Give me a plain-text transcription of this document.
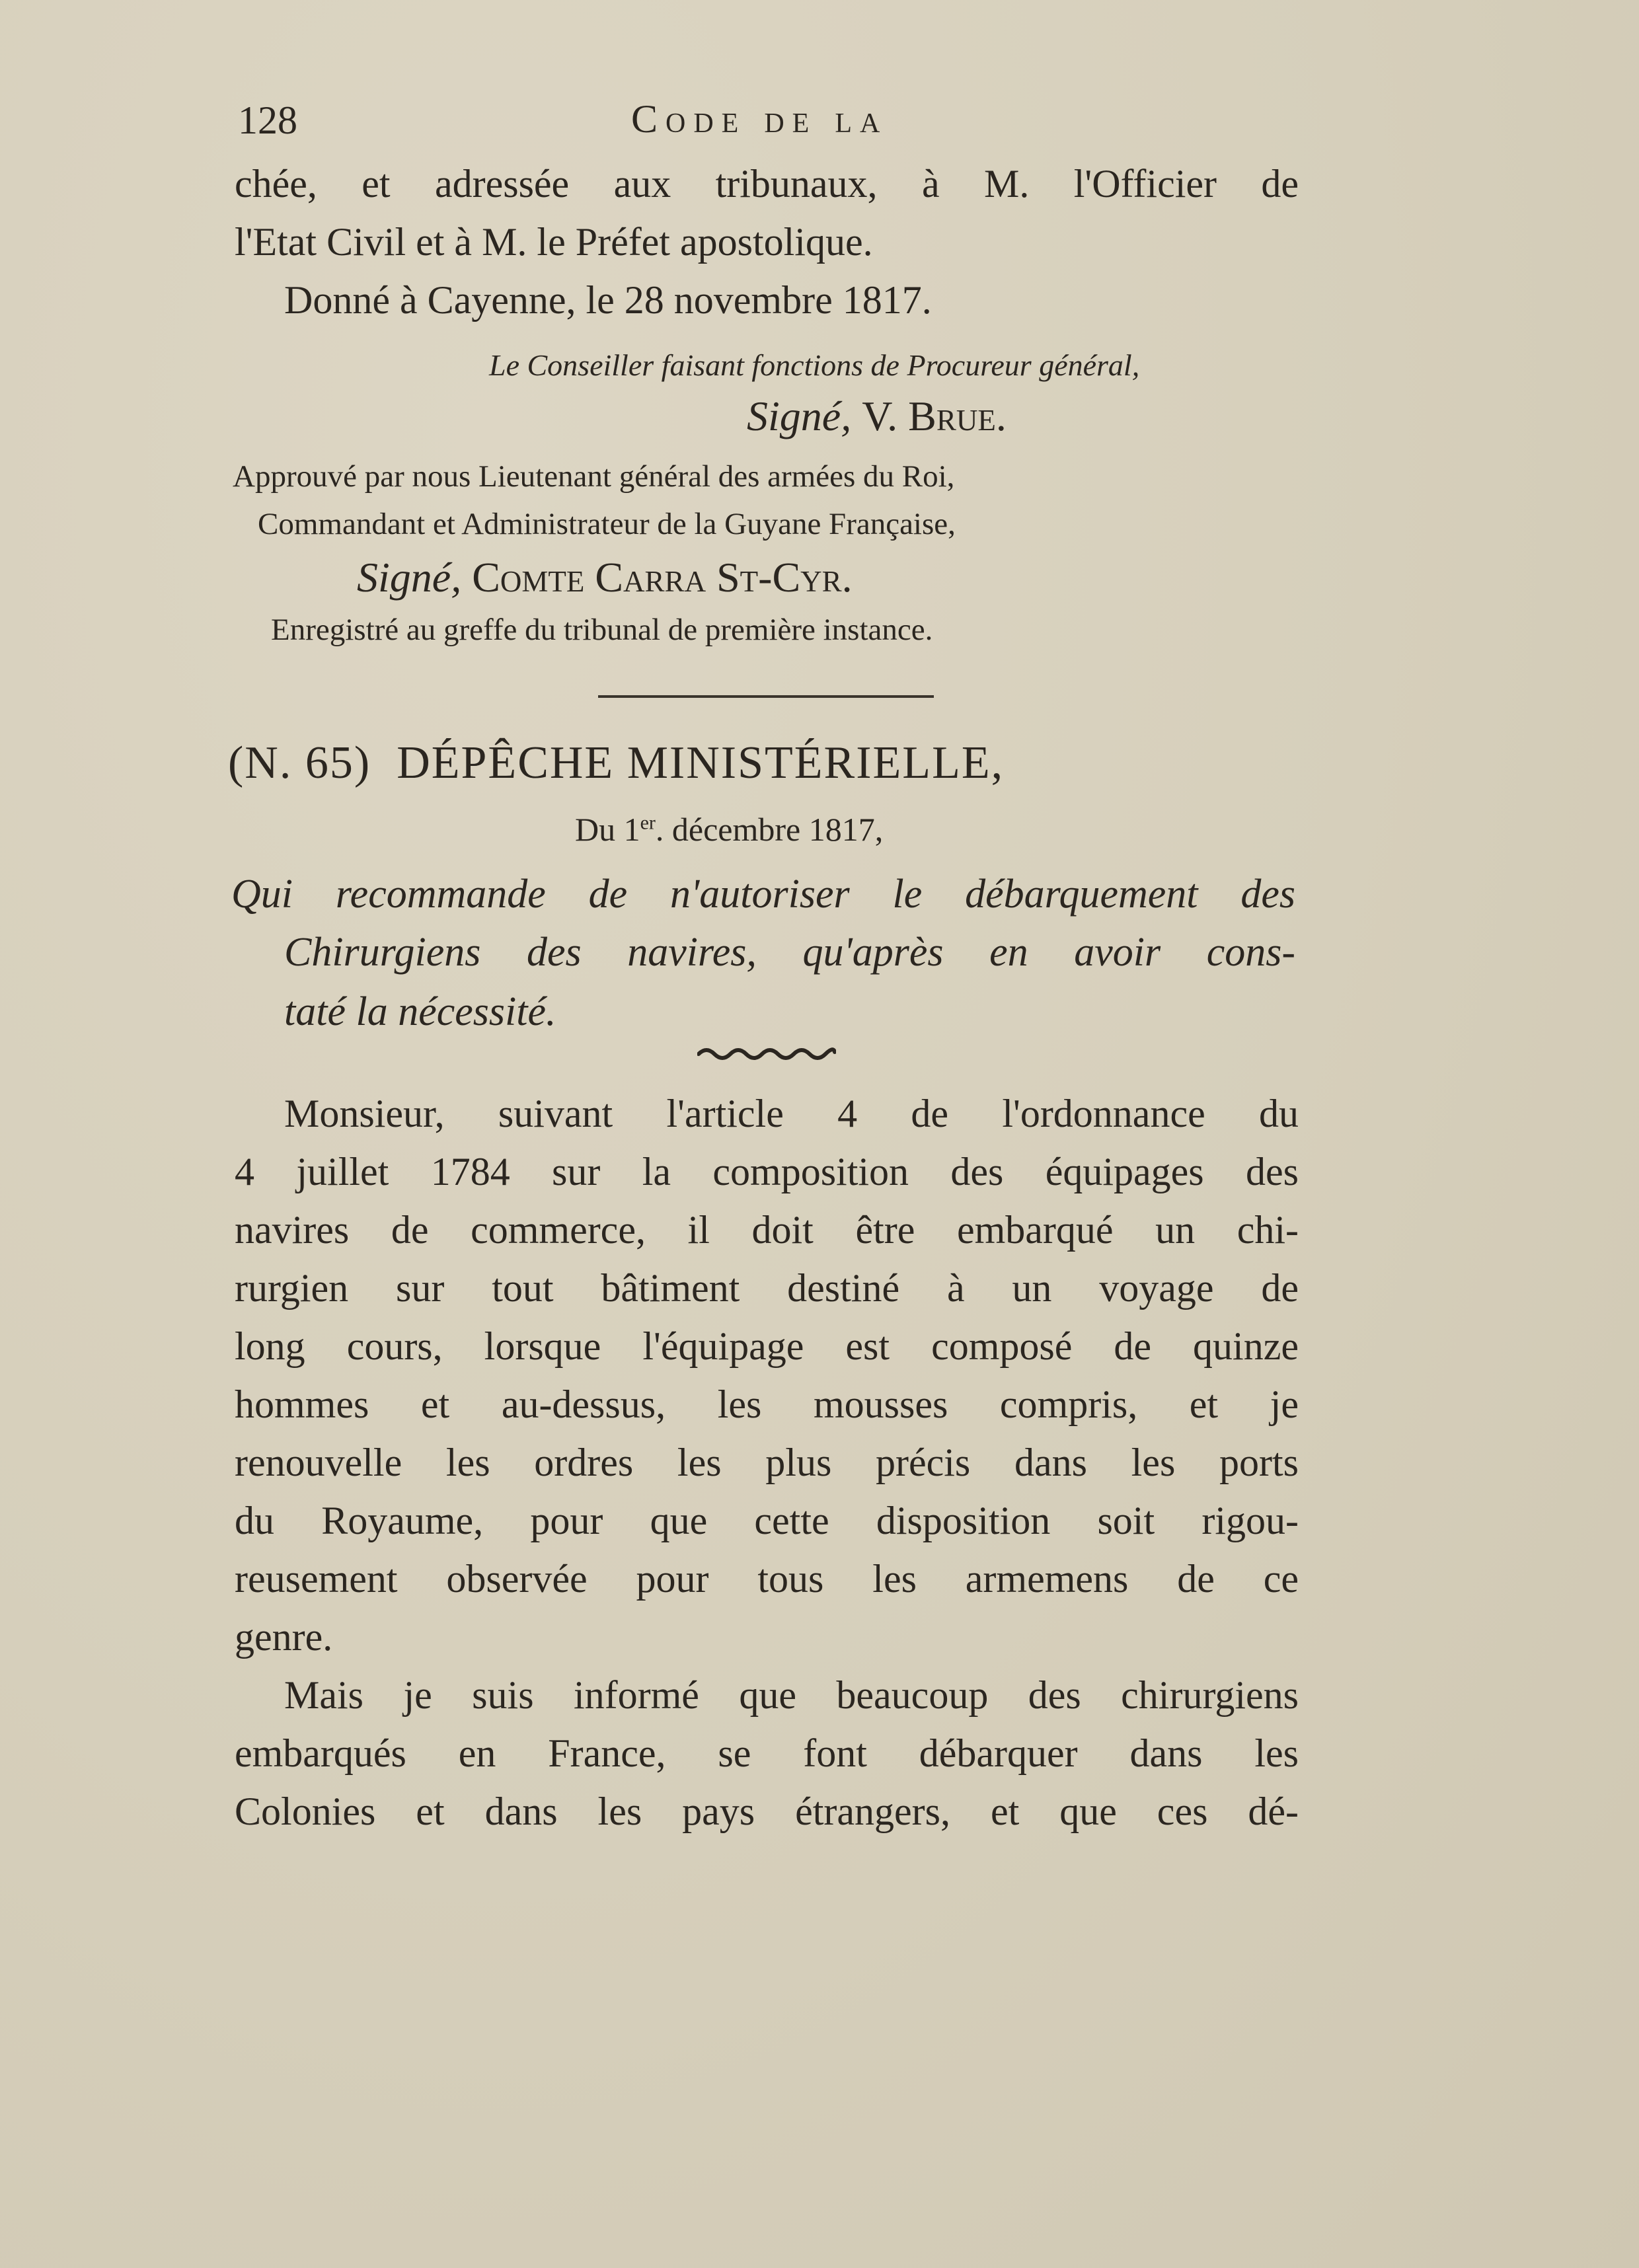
128	Code de la
chée, et adressée aux tribunaux, à M. l'Officier de
l'Etat Civil et à M. le Préfet apostolique.
Donné à Cayenne, le 28 novembre 1817.
Le Conseiller faisant fonctions de Procureur général,
Signé, V. Brue.
Approuvé par nous Lieutenant général des armées du Roi,
Commandant et Administrateur de la Guyane Française,
Signé, Comte Carra St-Cyr.
Enregistré au greffe du tribunal de première instance.
(N. 65) DÉPÊCHE MINISTÉRIELLE,
Du 1er. décembre 1817,
Qui recommande de n'autoriser le débarquement des
Chirurgiens des navires, qu'après en avoir cons-
taté la nécessité.
Monsieur, suivant l'article 4 de l'ordonnance du
4 juillet 1784 sur la composition des équipages des
navires de commerce, il doit être embarqué un chi-
rurgien sur tout bâtiment destiné à un voyage de
long cours, lorsque l'équipage est composé de quinze
hommes et au-dessus, les mousses compris, et je
renouvelle les ordres les plus précis dans les ports
du Royaume, pour que cette disposition soit rigou-
reusement observée pour tous les armemens de ce
genre.
Mais je suis informé que beaucoup des chirurgiens
embarqués en France, se font débarquer dans les
Colonies et dans les pays étrangers, et que ces dé-
